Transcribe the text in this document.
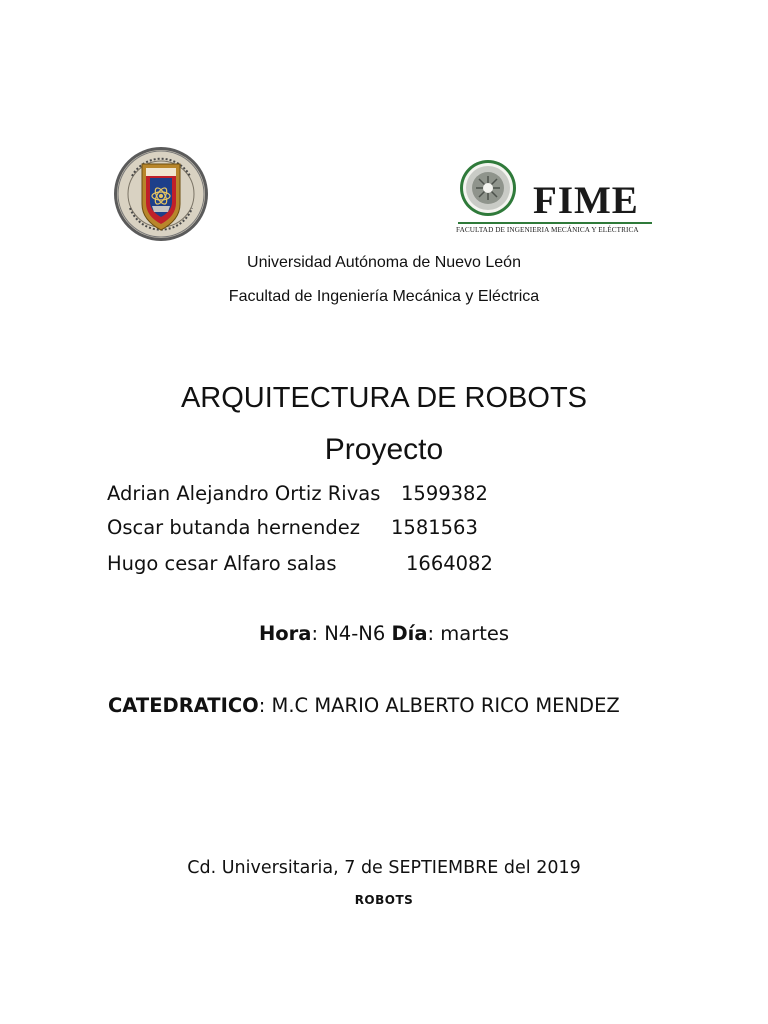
FIME
FACULTAD DE INGENIERIA MECÁNICA Y ELÉCTRICA
Universidad Autónoma de Nuevo León
Facultad de Ingeniería Mecánica y Eléctrica
ARQUITECTURA DE ROBOTS
Proyecto
Adrian Alejandro Ortiz Rivas 1599382
Oscar butanda hernendez 1581563
Hugo cesar Alfaro salas	1664082
Hora: N4-N6 Día: martes
CATEDRATICO: M.C MARIO ALBERTO RICO MENDEZ
Cd. Universitaria, 7 de SEPTIEMBRE del 2019
ROBOTS
